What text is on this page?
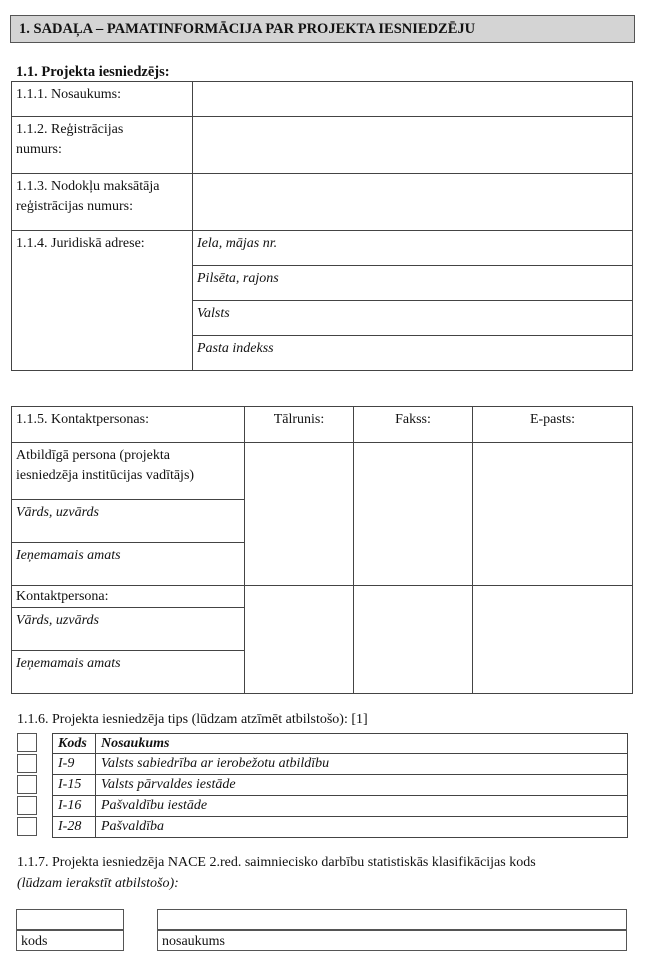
1. SADAĻA – PAMATINFORMĀCIJA PAR PROJEKTA IESNIEDZĒJU
1.1. Projekta iesniedzējs:
1.1.1. Nosaukums:	
1.1.2. Reģistrācijas
numurs:	
1.1.3. Nodokļu maksātāja
reģistrācijas numurs:	
1.1.4. Juridiskā adrese:	Iela, mājas nr.
	Pilsēta, rajons
	Valsts
	Pasta indekss
1.1.5. Kontaktpersonas:	Tālrunis:	Fakss:	E-pasts:
Atbildīgā persona (projekta
iesniedzēja institūcijas vadītājs)			
Vārds, uzvārds			
Ieņemamais amats			
Kontaktpersona:			
Vārds, uzvārds			
Ieņemamais amats			
1.1.6. Projekta iesniedzēja tips (lūdzam atzīmēt atbilstošo): [1]
Kods	Nosaukums
I-9	Valsts sabiedrība ar ierobežotu atbildību
I-15	Valsts pārvaldes iestāde
I-16	Pašvaldību iestāde
I-28	Pašvaldība
1.1.7. Projekta iesniedzēja NACE 2.red. saimniecisko darbību statistiskās klasifikācijas kods
(lūdzam ierakstīt atbilstošo):
kods	nosaukums
